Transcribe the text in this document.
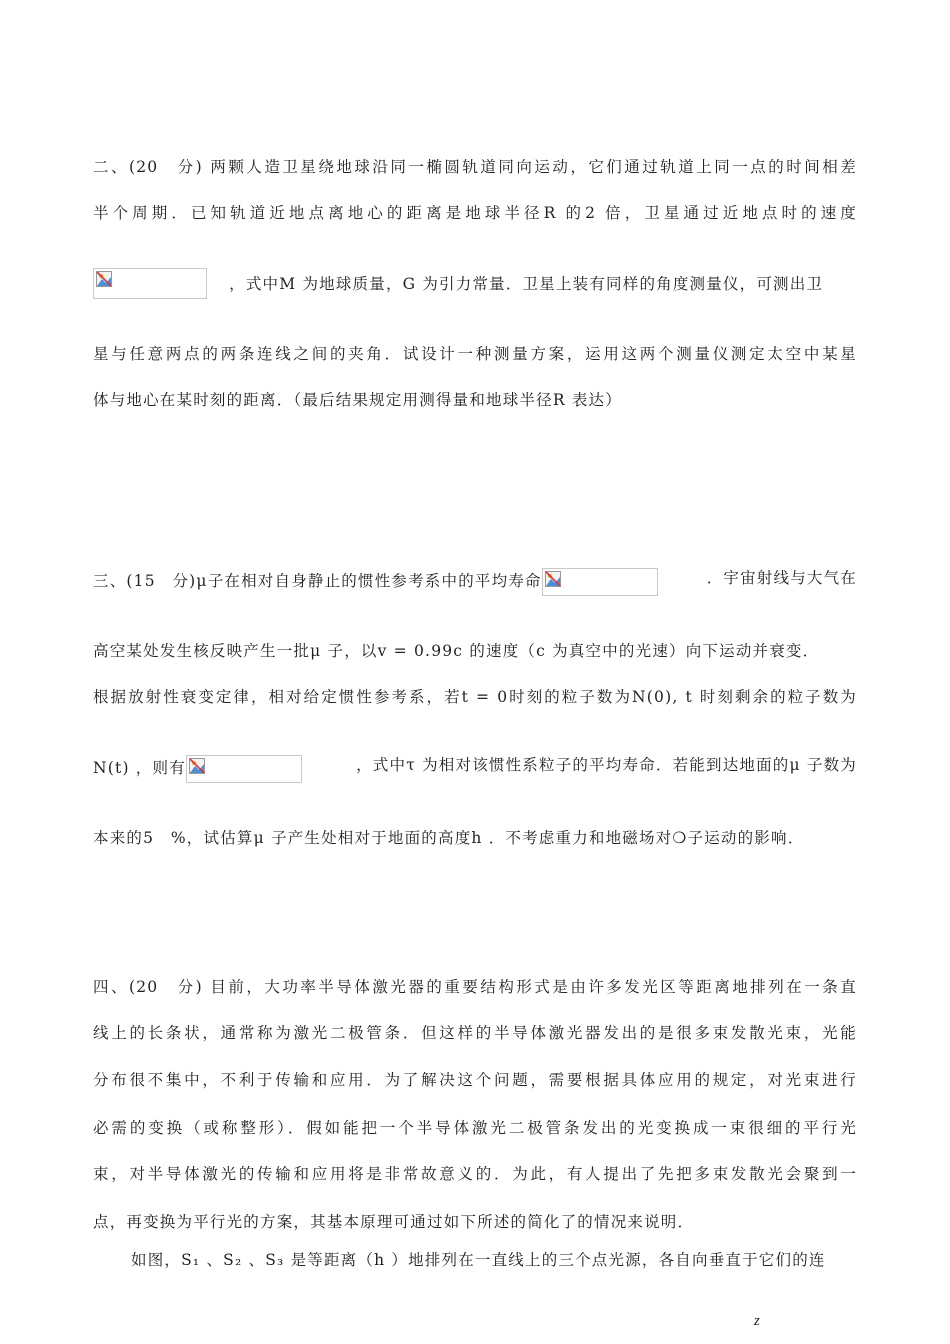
二、(20　分) 两颗人造卫星绕地球沿同一椭圆轨道同向运动，它们通过轨道上同一点的时间相差
半个周期．已知轨道近地点离地心的距离是地球半径R 的2 倍，卫星通过近地点时的速度
，式中M 为地球质量，G 为引力常量．卫星上装有同样的角度测量仪，可测出卫
星与任意两点的两条连线之间的夹角．试设计一种测量方案，运用这两个测量仪测定太空中某星
体与地心在某时刻的距离．（最后结果规定用测得量和地球半径R 表达）
三、(15　分)μ子在相对自身静止的惯性参考系中的平均寿命	．宇宙射线与大气在
高空某处发生核反映产生一批μ 子，以v = 0.99c 的速度（c 为真空中的光速）向下运动并衰变．
根据放射性衰变定律，相对给定惯性参考系，若t = 0时刻的粒子数为N(0), t 时刻剩余的粒子数为
N(t) ，则有	，式中τ 为相对该惯性系粒子的平均寿命．若能到达地面的μ 子数为
本来的5　%，试估算μ 子产生处相对于地面的高度h ．不考虑重力和地磁场对❍子运动的影响．
四、(20　分) 目前，大功率半导体激光器的重要结构形式是由许多发光区等距离地排列在一条直
线上的长条状，通常称为激光二极管条．但这样的半导体激光器发出的是很多束发散光束，光能
分布很不集中，不利于传输和应用．为了解决这个问题，需要根据具体应用的规定，对光束进行
必需的变换（或称整形）．假如能把一个半导体激光二极管条发出的光变换成一束很细的平行光
束，对半导体激光的传输和应用将是非常故意义的．为此，有人提出了先把多束发散光会聚到一
点，再变换为平行光的方案，其基本原理可通过如下所述的简化了的情况来说明．
如图，S₁ 、S₂ 、S₃ 是等距离（h ）地排列在一直线上的三个点光源，各自向垂直于它们的连
z
